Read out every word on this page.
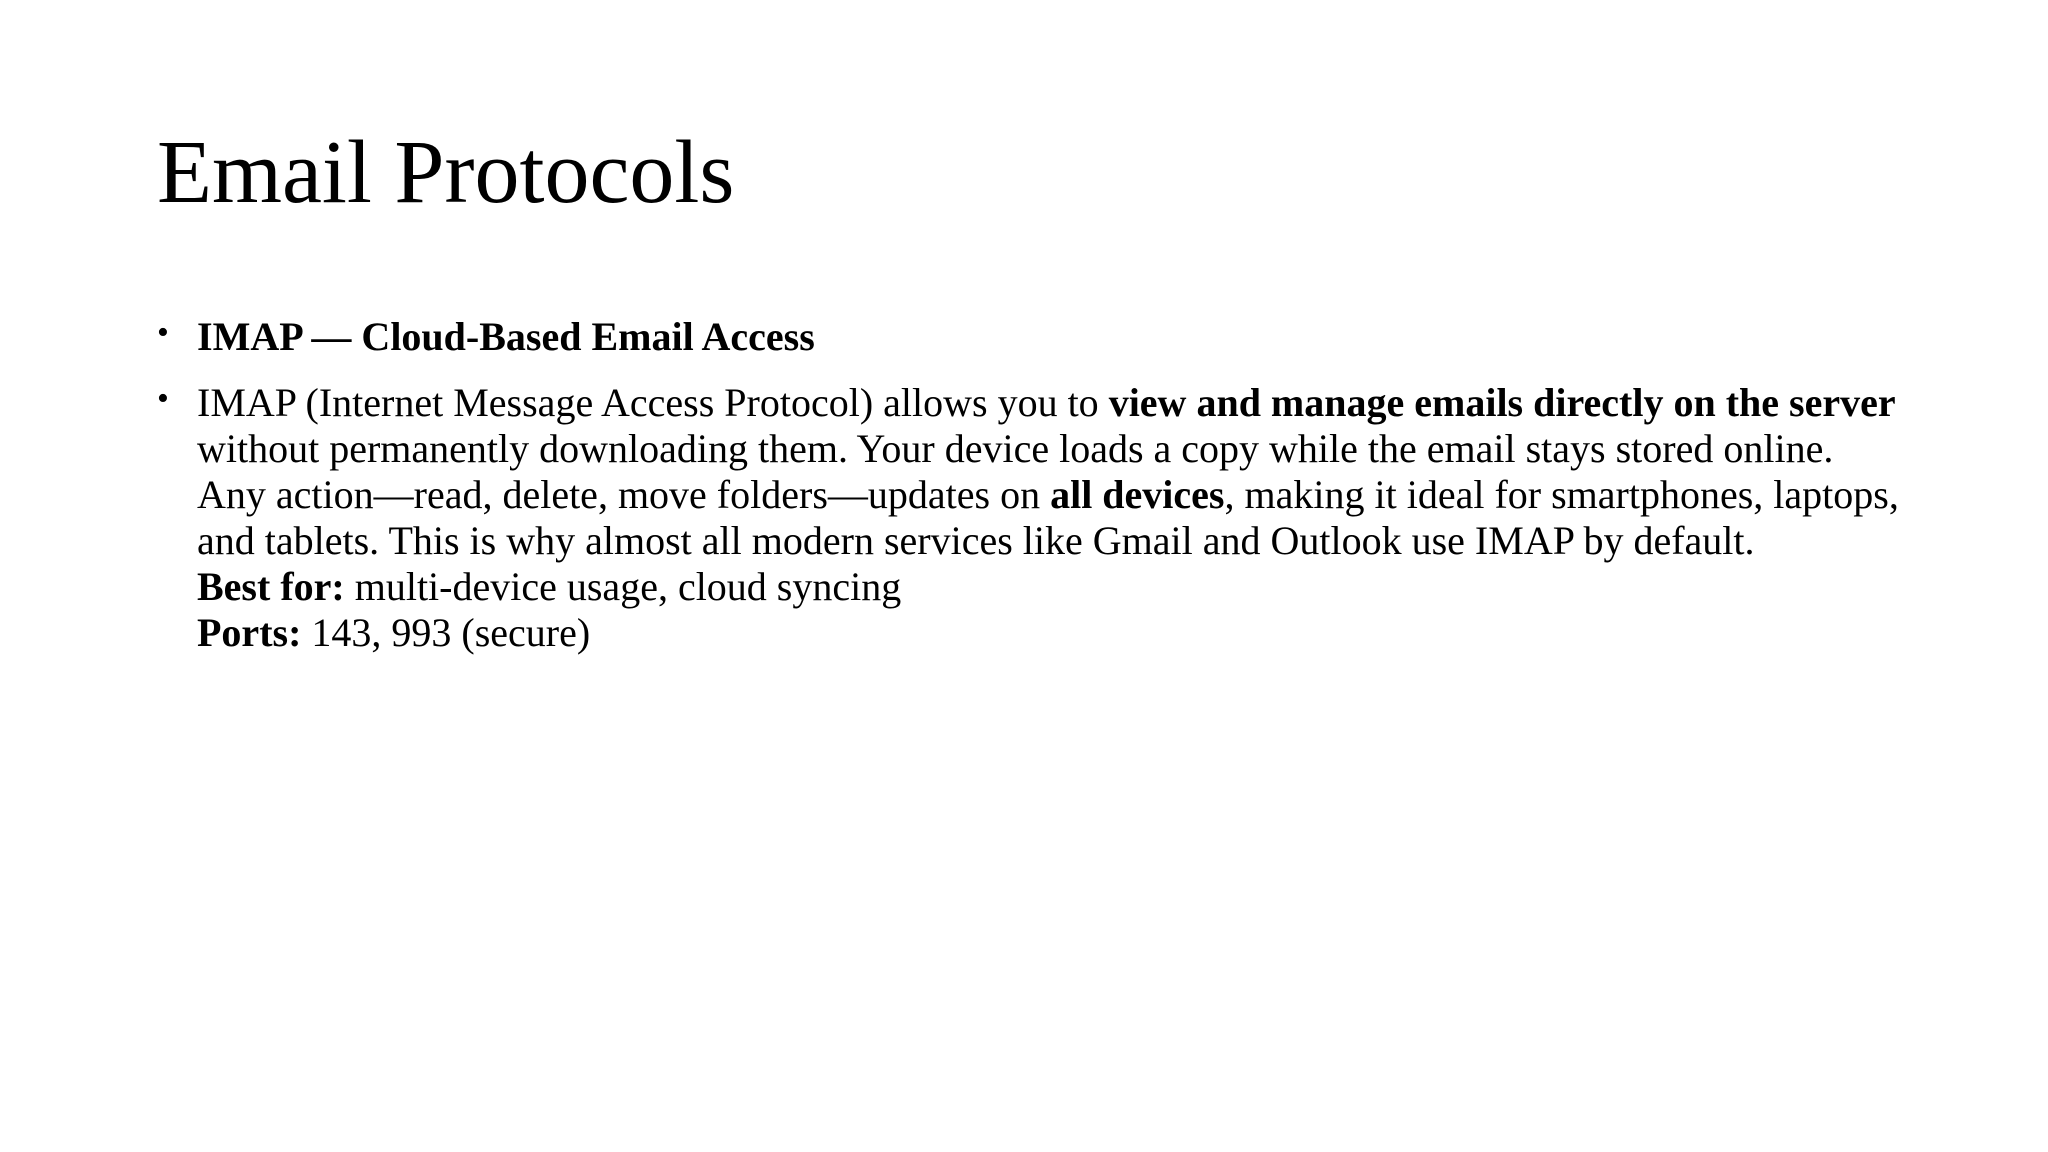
Email Protocols
• IMAP — Cloud-Based Email Access
• IMAP (Internet Message Access Protocol) allows you to view and manage emails directly on the server without permanently downloading them. Your device loads a copy while the email stays stored online.
Any action—read, delete, move folders—updates on all devices, making it ideal for smartphones, laptops, and tablets. This is why almost all modern services like Gmail and Outlook use IMAP by default.
Best for: multi-device usage, cloud syncing
Ports: 143, 993 (secure)
